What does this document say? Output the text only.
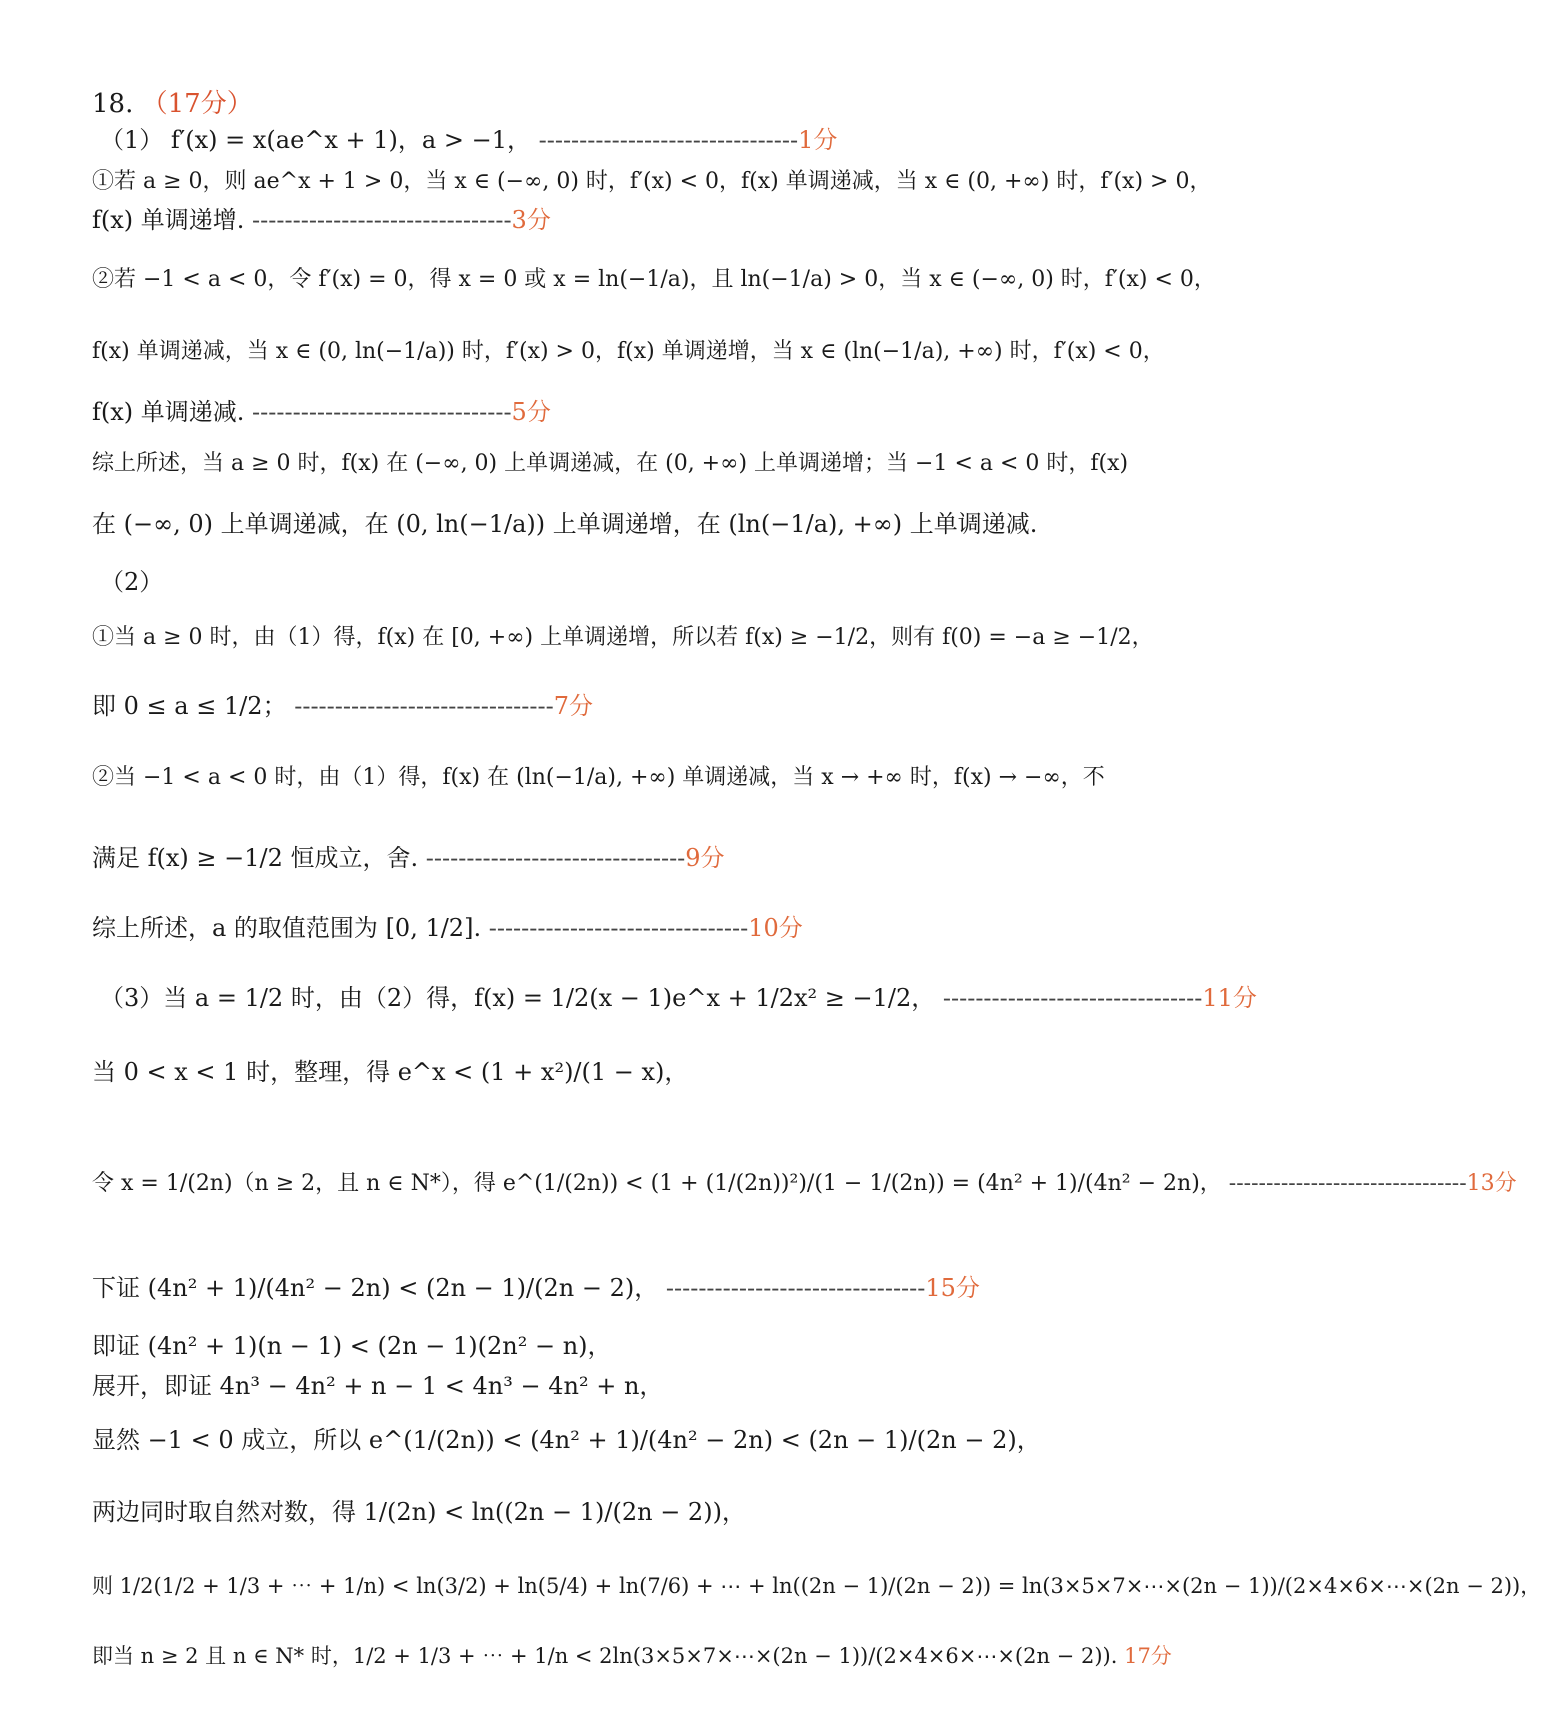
18. （17分）
（1） f′(x) = x(ae^x + 1)，a > −1， --------------------------------1分
①若 a ≥ 0，则 ae^x + 1 > 0，当 x ∈ (−∞, 0) 时，f′(x) < 0，f(x) 单调递减，当 x ∈ (0, +∞) 时，f′(x) > 0，
f(x) 单调递增. --------------------------------3分
②若 −1 < a < 0，令 f′(x) = 0，得 x = 0 或 x = ln(−1/a)，且 ln(−1/a) > 0，当 x ∈ (−∞, 0) 时，f′(x) < 0，
f(x) 单调递减，当 x ∈ (0, ln(−1/a)) 时，f′(x) > 0，f(x) 单调递增，当 x ∈ (ln(−1/a), +∞) 时，f′(x) < 0，
f(x) 单调递减. --------------------------------5分
综上所述，当 a ≥ 0 时，f(x) 在 (−∞, 0) 上单调递减，在 (0, +∞) 上单调递增；当 −1 < a < 0 时，f(x)
在 (−∞, 0) 上单调递减，在 (0, ln(−1/a)) 上单调递增，在 (ln(−1/a), +∞) 上单调递减.
（2）
①当 a ≥ 0 时，由（1）得，f(x) 在 [0, +∞) 上单调递增，所以若 f(x) ≥ −1/2，则有 f(0) = −a ≥ −1/2，
即 0 ≤ a ≤ 1/2； --------------------------------7分
②当 −1 < a < 0 时，由（1）得，f(x) 在 (ln(−1/a), +∞) 单调递减，当 x → +∞ 时，f(x) → −∞，不
满足 f(x) ≥ −1/2 恒成立，舍. --------------------------------9分
综上所述，a 的取值范围为 [0, 1/2]. --------------------------------10分
（3）当 a = 1/2 时，由（2）得，f(x) = 1/2(x − 1)e^x + 1/2x² ≥ −1/2， --------------------------------11分
当 0 < x < 1 时，整理，得 e^x < (1 + x²)/(1 − x)，
令 x = 1/(2n)（n ≥ 2，且 n ∈ N*），得 e^(1/(2n)) < (1 + (1/(2n))²)/(1 − 1/(2n)) = (4n² + 1)/(4n² − 2n)， --------------------------------13分
下证 (4n² + 1)/(4n² − 2n) < (2n − 1)/(2n − 2)， --------------------------------15分
即证 (4n² + 1)(n − 1) < (2n − 1)(2n² − n)，
展开，即证 4n³ − 4n² + n − 1 < 4n³ − 4n² + n，
显然 −1 < 0 成立，所以 e^(1/(2n)) < (4n² + 1)/(4n² − 2n) < (2n − 1)/(2n − 2)，
两边同时取自然对数，得 1/(2n) < ln((2n − 1)/(2n − 2))，
则 1/2(1/2 + 1/3 + ⋯ + 1/n) < ln(3/2) + ln(5/4) + ln(7/6) + ⋯ + ln((2n − 1)/(2n − 2)) = ln(3×5×7×⋯×(2n − 1))/(2×4×6×⋯×(2n − 2))，
即当 n ≥ 2 且 n ∈ N* 时，1/2 + 1/3 + ⋯ + 1/n < 2ln(3×5×7×⋯×(2n − 1))/(2×4×6×⋯×(2n − 2)). 17分
